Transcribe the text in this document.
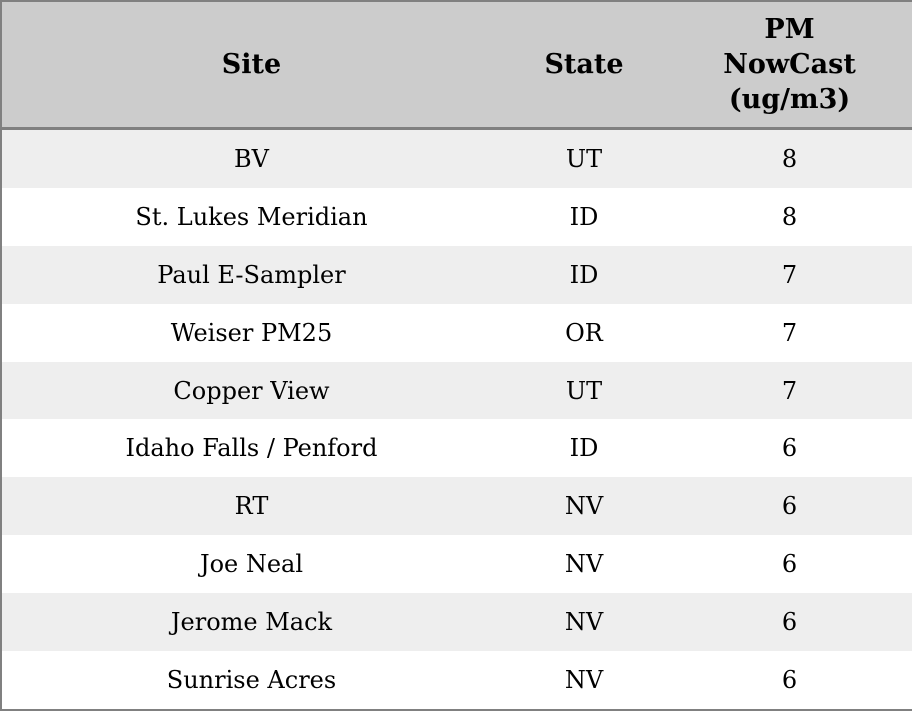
Site	State	PM NowCast (ug/m3)

BV	UT	8
St. Lukes Meridian	ID	8
Paul E-Sampler	ID	7
Weiser PM25	OR	7
Copper View	UT	7
Idaho Falls / Penford	ID	6
RT	NV	6
Joe Neal	NV	6
Jerome Mack	NV	6
Sunrise Acres	NV	6
